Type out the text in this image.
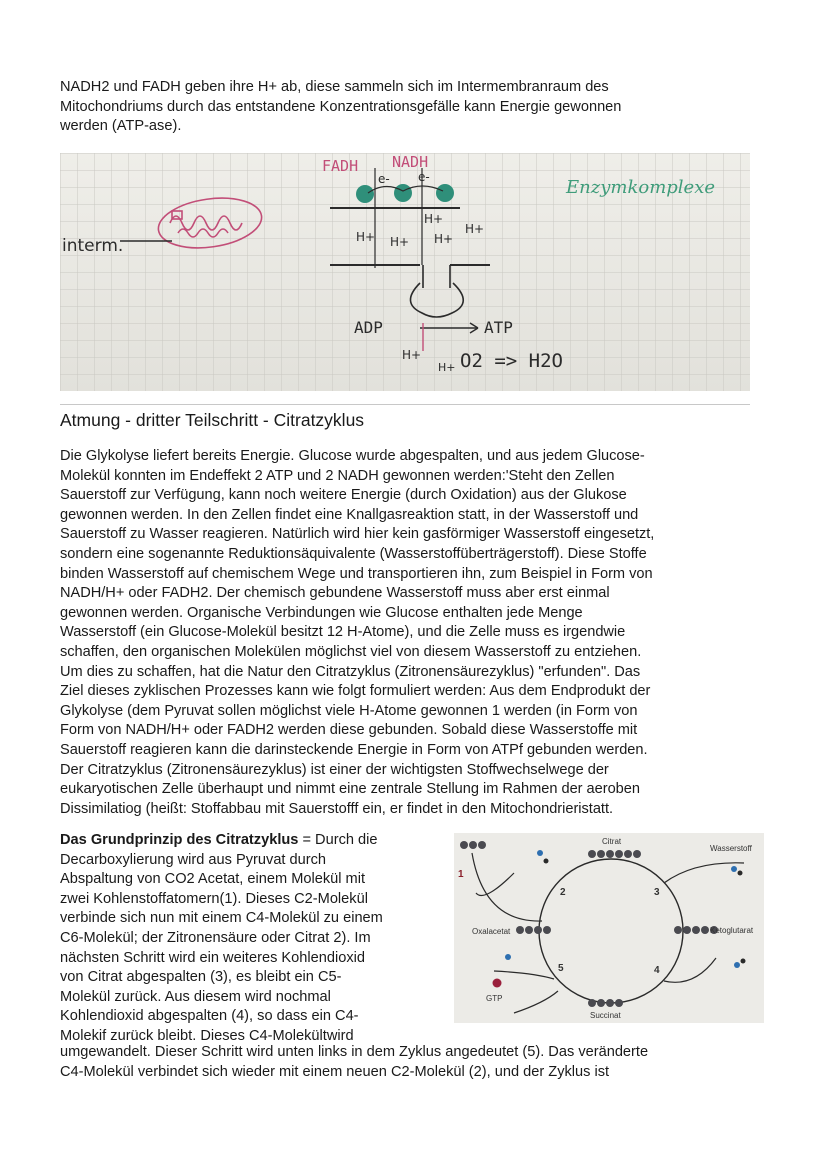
NADH2 und FADH geben ihre H+ ab, diese sammeln sich im Intermembranraum des
Mitochondriums durch das entstandene Konzentrationsgefälle kann Energie gewonnen
werden (ATP-ase).

interm.
FADH NADH
e- e-	Enzymkomplexe
H+ H+
H+
H+
H+
ADP	ATP
H+
H+ O2 => H2O
Atmung - dritter Teilschritt - Citratzyklus

Die Glykolyse liefert bereits Energie. Glucose wurde abgespalten, und aus jedem Glucose-
Molekül konnten im Endeffekt 2 ATP und 2 NADH gewonnen werden:'Steht den Zellen
Sauerstoff zur Verfügung, kann noch weitere Energie (durch Oxidation) aus der Glukose
gewonnen werden. In den Zellen findet eine Knallgasreaktion statt, in der Wasserstoff und
Sauerstoff zu Wasser reagieren. Natürlich wird hier kein gasförmiger Wasserstoff eingesetzt,
sondern eine sogenannte Reduktionsäquivalente (Wasserstoffüberträgerstoff). Diese Stoffe
binden Wasserstoff auf chemischem Wege und transportieren ihn, zum Beispiel in Form von
NADH/H+ oder FADH2. Der chemisch gebundene Wasserstoff muss aber erst einmal
gewonnen werden. Organische Verbindungen wie Glucose enthalten jede Menge
Wasserstoff (ein Glucose-Molekül besitzt 12 H-Atome), und die Zelle muss es irgendwie
schaffen, den organischen Molekülen möglichst viel von diesem Wasserstoff zu entziehen.
Um dies zu schaffen, hat die Natur den Citratzyklus (Zitronensäurezyklus) "erfunden". Das
Ziel dieses zyklischen Prozesses kann wie folgt formuliert werden: Aus dem Endprodukt der
Glykolyse (dem Pyruvat sollen möglichst viele H-Atome gewonnen 1 werden (in Form von
Form von NADH/H+ oder FADH2 werden diese gebunden. Sobald diese Wasserstoffe mit
Sauerstoff reagieren kann die darinsteckende Energie in Form von ATPf gebunden werden.
Der Citratzyklus (Zitronensäurezyklus) ist einer der wichtigsten Stoffwechselwege der
eukaryotischen Zelle überhaupt und nimmt eine zentrale Stellung im Rahmen der aeroben
Dissimilatiog (heißt: Stoffabbau mit Sauerstofff ein, er findet in den Mitochondrieristatt.

Das Grundprinzip des Citratzyklus = Durch die
Decarboxylierung wird aus Pyruvat durch
Abspaltung von CO2 Acetat, einem Molekül mit
zwei Kohlenstoffatomern(1). Dieses C2-Molekül
verbinde sich nun mit einem C4-Molekül zu einem
C6-Molekül; der Zitronensäure oder Citrat 2). Im
nächsten Schritt wird ein weiteres Kohlendioxid
von Citrat abgespalten (3), es bleibt ein C5-
Molekül zurück. Aus diesem wird nochmal
Kohlendioxid abgespalten (4), so dass ein C4-
Molekif zurück bleibt. Dieses C4-Molekültwird

Citrat
Wasserstoff
Oxalacetat	Ketoglutarat
GTP
Succinat
1
2	3
4
5

umgewandelt. Dieser Schritt wird unten links in dem Zyklus angedeutet (5). Das veränderte
C4-Molekül verbindet sich wieder mit einem neuen C2-Molekül (2), und der Zyklus ist
